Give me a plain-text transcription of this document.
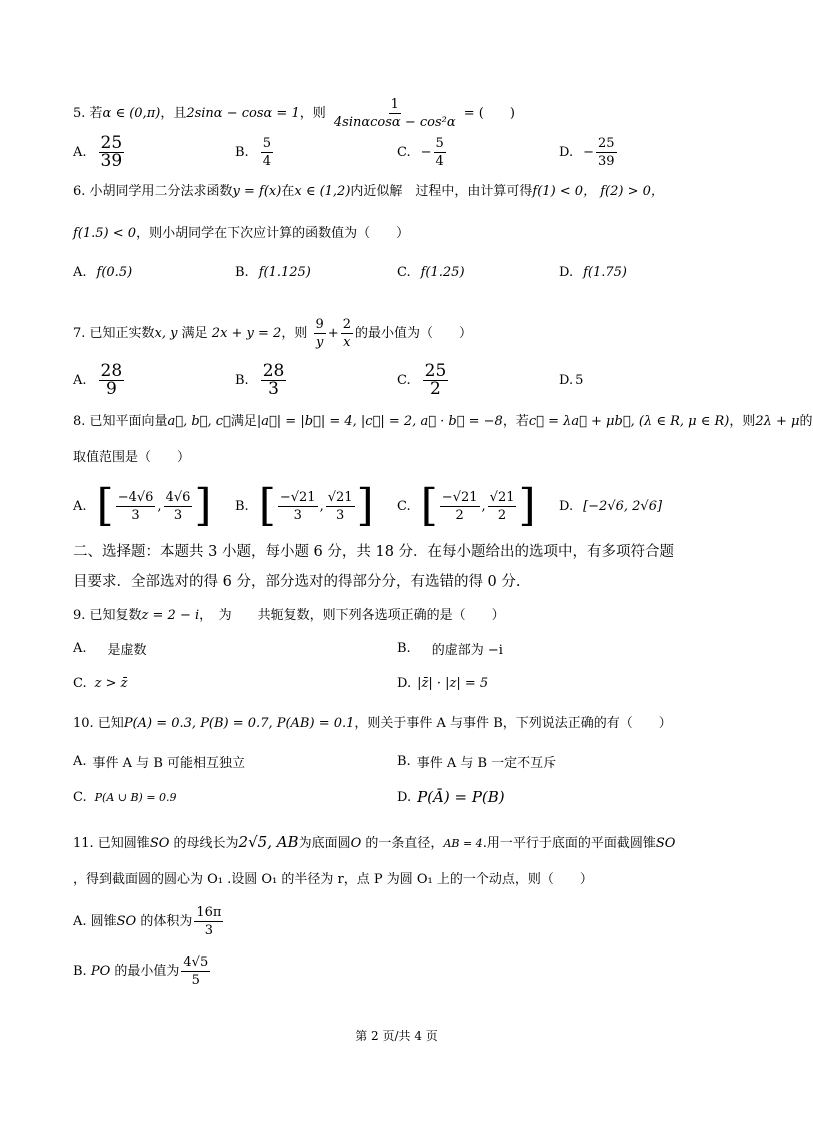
5. 若α ∈ (0,π)，且2sinα − cosα = 1，则 $\frac{1}{\text{4sinαcosα − cos²α}}$ = (　　)
A. $\frac{25}{39}$	B. $\frac{5}{4}$	C. − $\frac{5}{4}$	D. − $\frac{25}{39}$
6. 小胡同学用二分法求函数y = f(x)在x ∈ (1,2)内近似解　过程中，由计算可得f(1) < 0， f(2) > 0，
f(1.5) < 0，则小胡同学在下次应计算的函数值为（　　）
A. f(0.5)	B. f(1.125)	C. f(1.25)	D. f(1.75)
7. 已知正实数x, y 满足 2x + y = 2，则 $\frac{9}{y} + \frac{2}{x}$ 的最小值为（　　）
A. $\frac{28}{9}$	B. $\frac{28}{3}$	C. $\frac{25}{2}$	D. 5
8. 已知平面向量a⃗, b⃗, c⃗满足|a⃗| = |b⃗| = 4, |c⃗| = 2, a⃗ · b⃗ = −8，若c⃗ = λa⃗ + μb⃗, (λ ∈ R, μ ∈ R)，则2λ + μ的
取值范围是（　　）
A. [ $\frac{-4√6}{3}$ , $\frac{4√6}{3}$ ] B. [ $\frac{-√21}{3}$ , $\frac{√21}{3}$ ] C. [ $\frac{-√21}{2}$ , $\frac{√21}{2}$ ] D. [−2√6, 2√6]
二、选择题：本题共 3 小题，每小题 6 分，共 18 分．在每小题给出的选项中，有多项符合题
目要求．全部选对的得 6 分，部分选对的得部分分，有选错的得 0 分.
9. 已知复数z = 2 − i，　为　　共轭复数，则下列各选项正确的是（　　）
A. 　是虚数	B. 　的虚部为 −i
C. z > z̄	D. |z̄| · |z| = 5
10. 已知P(A) = 0.3, P(B) = 0.7, P(AB) = 0.1，则关于事件 A 与事件 B，下列说法正确的有（　　）
A. 事件 A 与 B 可能相互独立	B. 事件 A 与 B 一定不互斥
C. P(A ∪ B) = 0.9	D. P(Ā) = P(B)
11. 已知圆锥SO 的母线长为2√5, AB为底面圆O 的一条直径，AB = 4.用一平行于底面的平面截圆锥SO
，得到截面圆的圆心为 O₁ .设圆 O₁ 的半径为 r，点 P 为圆 O₁ 上的一个动点，则（　　）
A. 圆锥SO 的体积为 $\frac{16\pi}{3}$
B. PO 的最小值为 $\frac{4√5}{5}$
第 2 页/共 4 页
